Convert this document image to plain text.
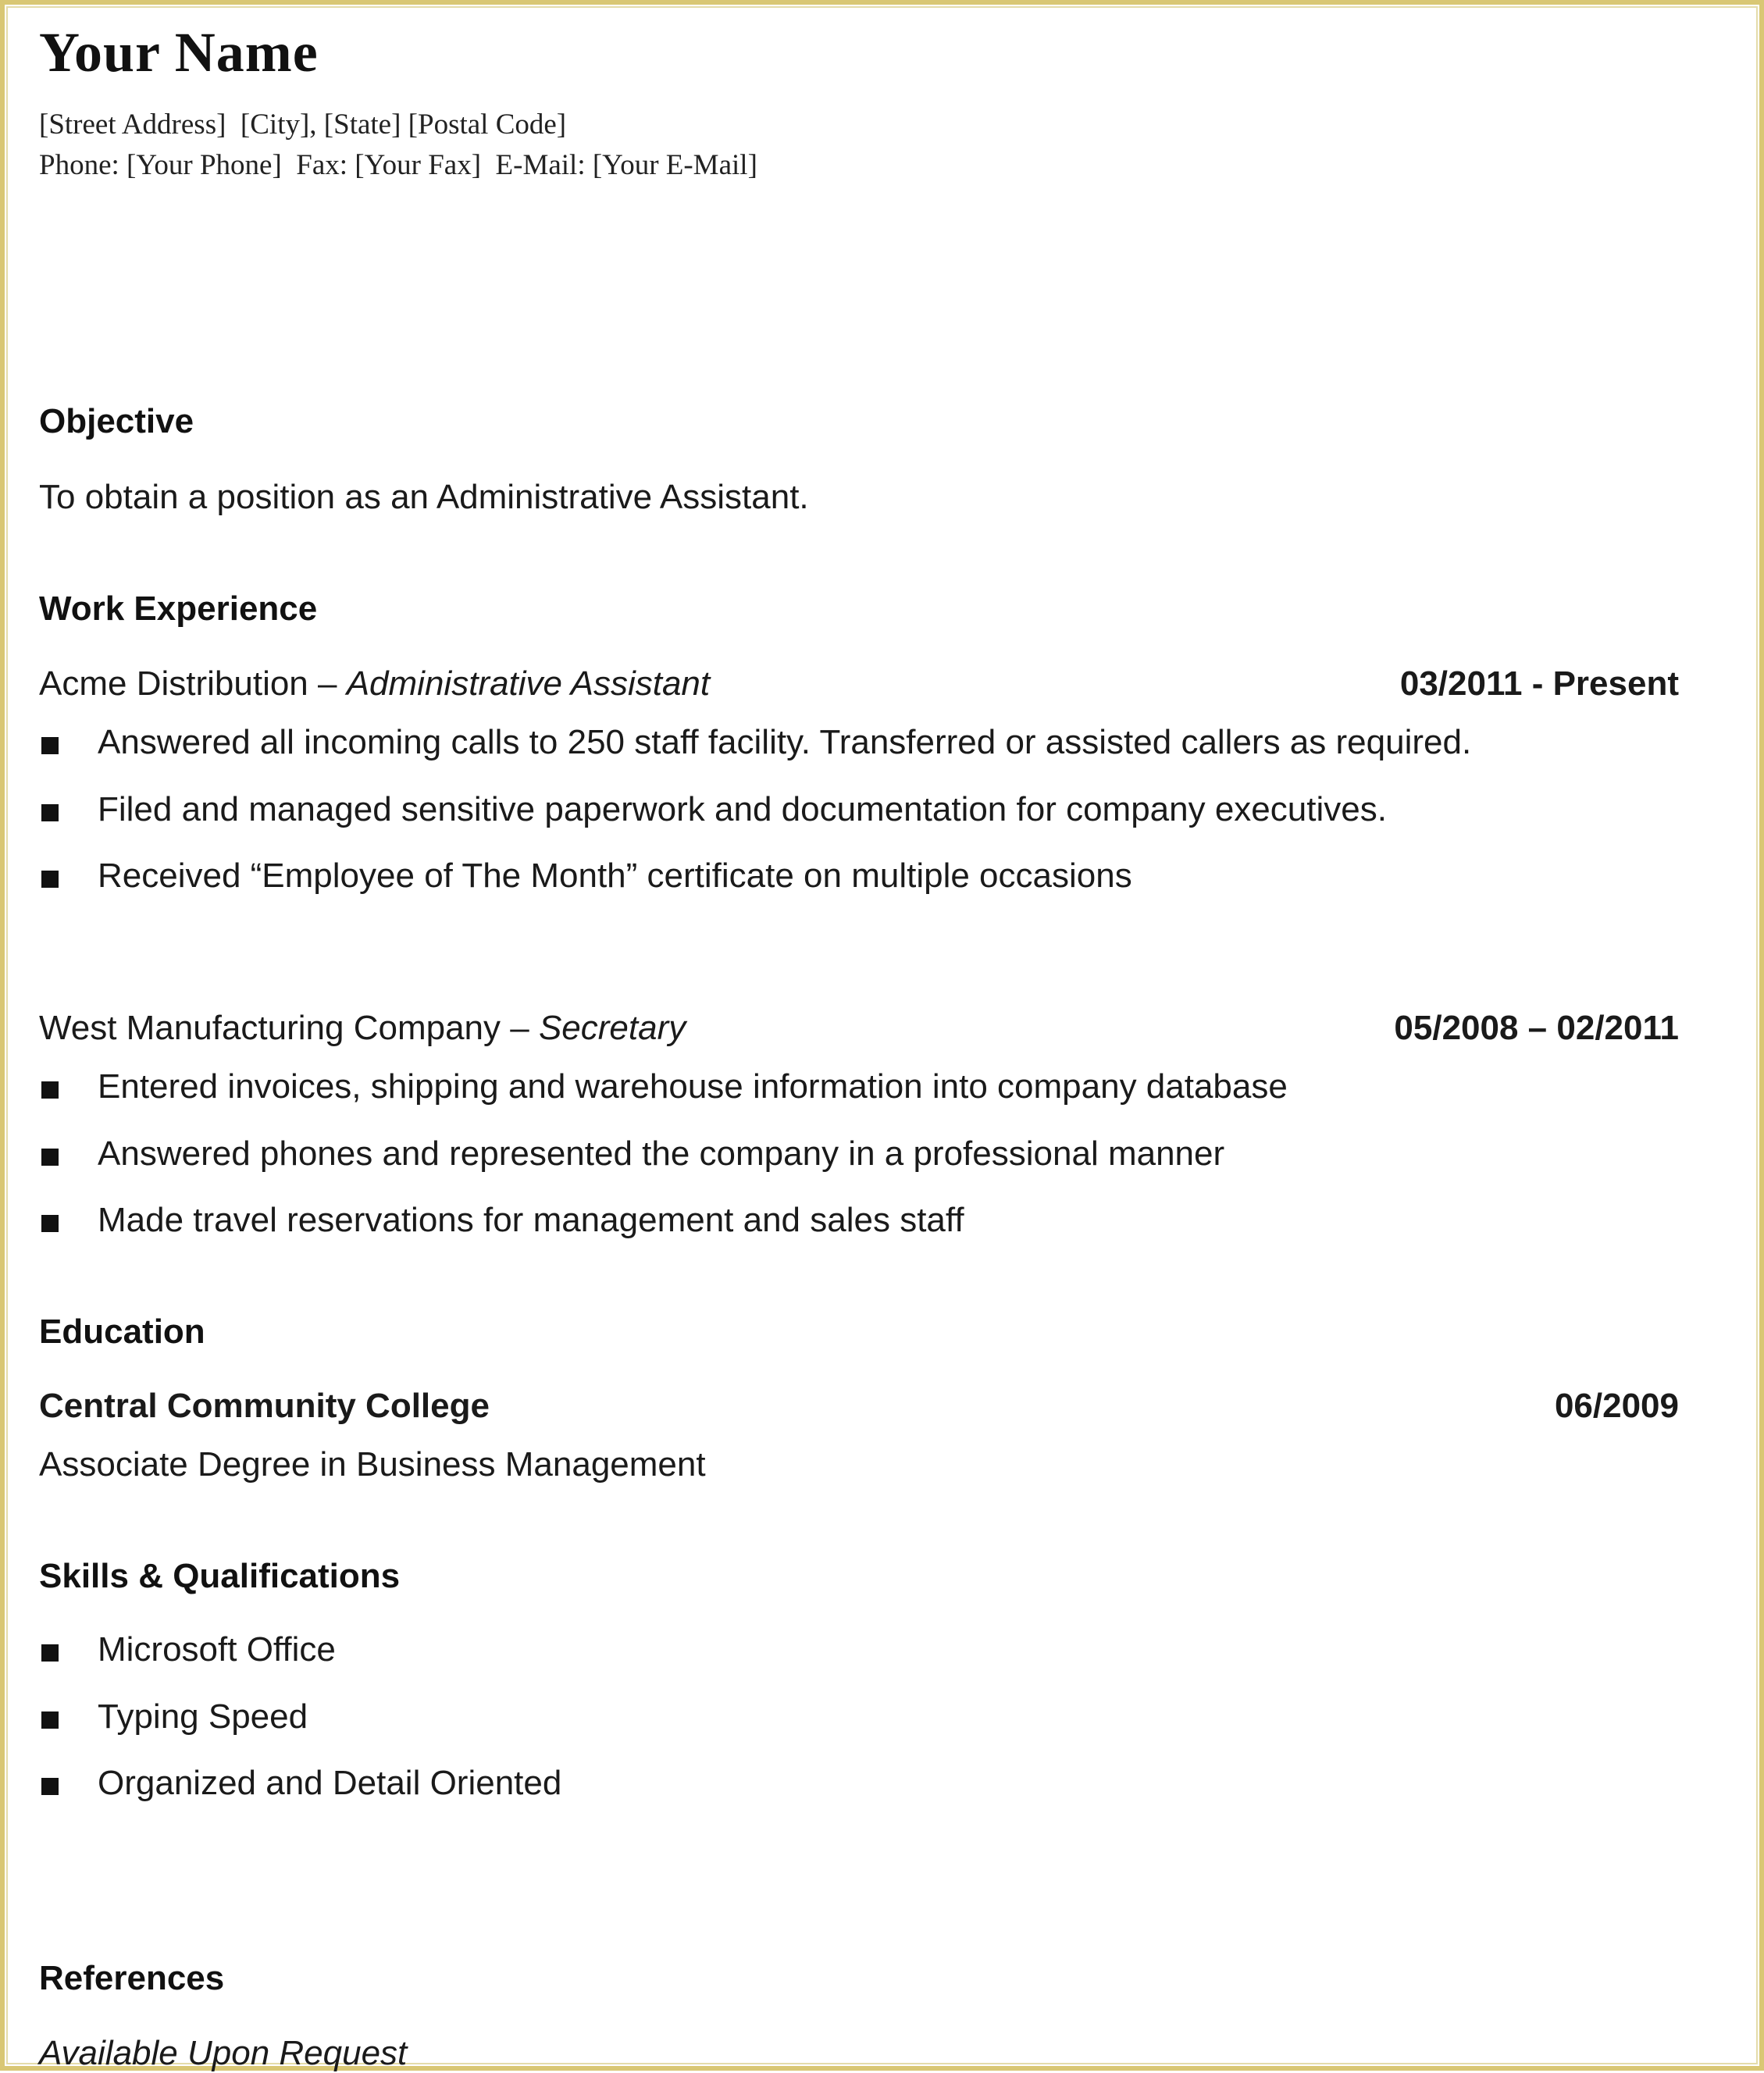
Your Name
[Street Address]  [City], [State] [Postal Code]
Phone: [Your Phone]  Fax: [Your Fax]  E-Mail: [Your E-Mail]
Objective
To obtain a position as an Administrative Assistant.
Work Experience
Acme Distribution – Administrative Assistant	03/2011 - Present
Answered all incoming calls to 250 staff facility. Transferred or assisted callers as required.
Filed and managed sensitive paperwork and documentation for company executives.
Received “Employee of The Month” certificate on multiple occasions
West Manufacturing Company – Secretary	05/2008 – 02/2011
Entered invoices, shipping and warehouse information into company database
Answered phones and represented the company in a professional manner
Made travel reservations for management and sales staff
Education
Central Community College	06/2009
Associate Degree in Business Management
Skills & Qualifications
Microsoft Office
Typing Speed
Organized and Detail Oriented
References
Available Upon Request
